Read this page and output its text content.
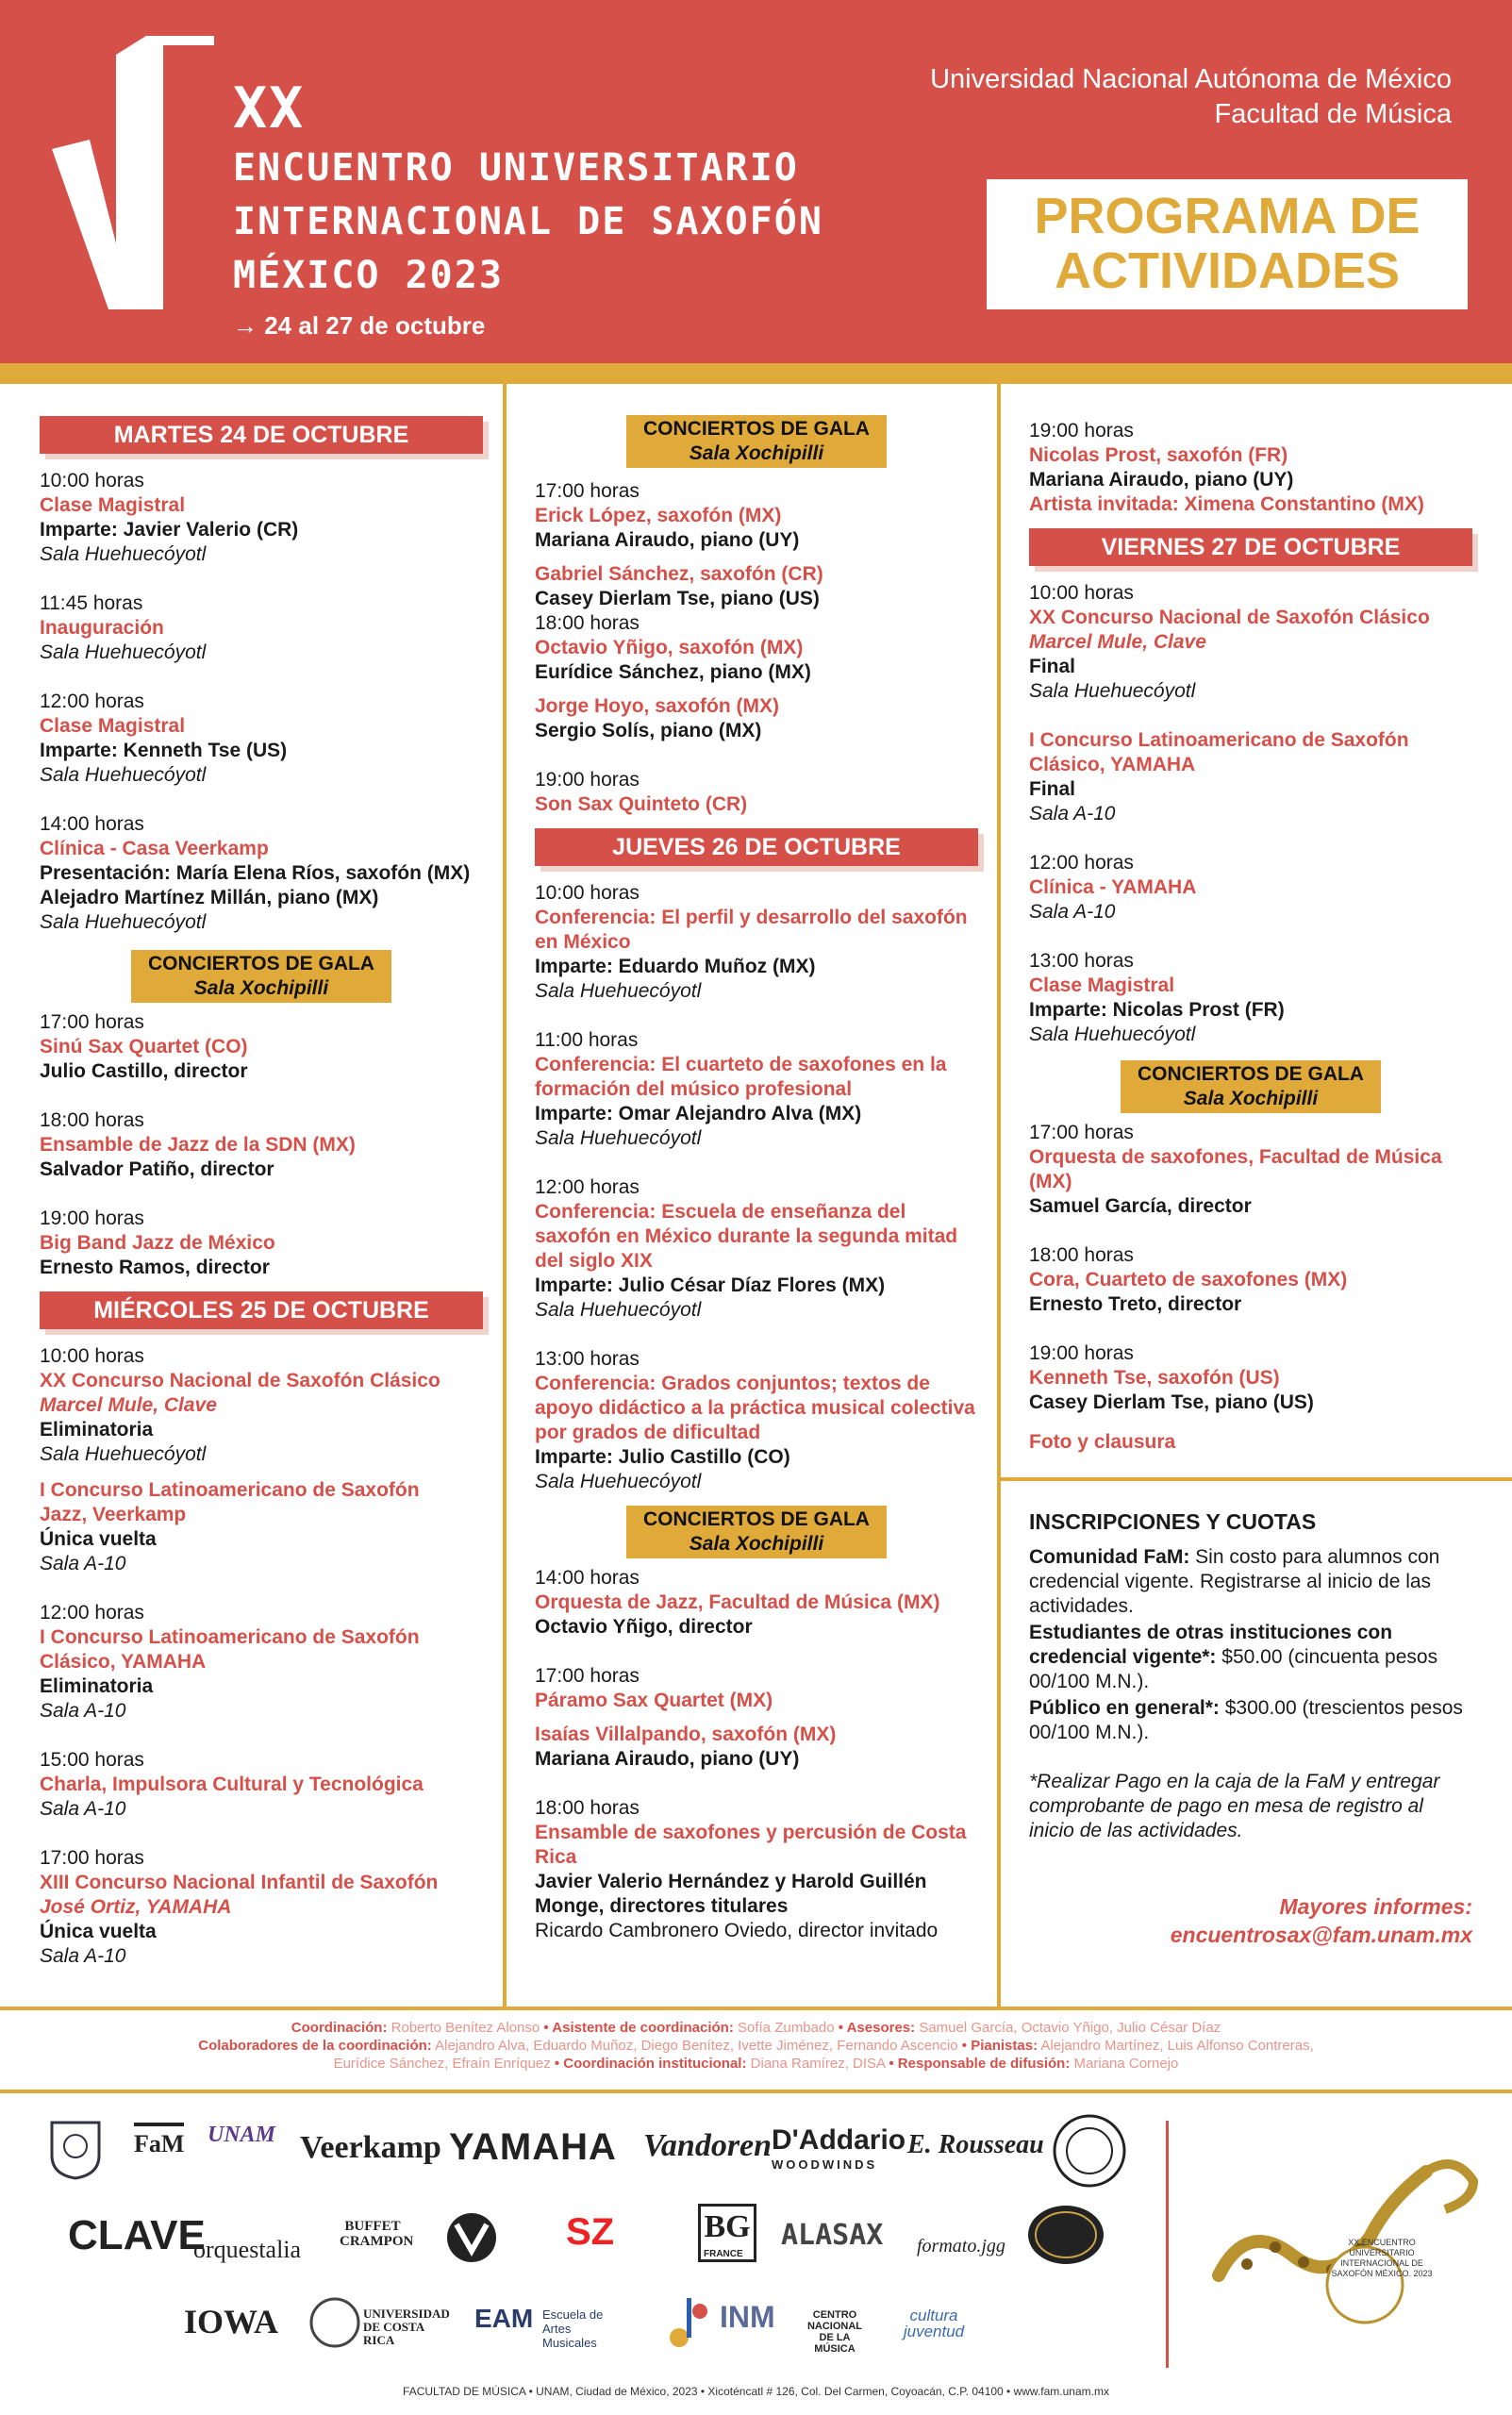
XX
ENCUENTRO UNIVERSITARIO
INTERNACIONAL DE SAXOFÓN
MÉXICO 2023
→ 24 al 27 de octubre
Universidad Nacional Autónoma de México
Facultad de Música
PROGRAMA DE ACTIVIDADES
MARTES 24 DE OCTUBRE
10:00 horas
Clase Magistral
Imparte: Javier Valerio (CR)
Sala Huehuecóyotl
11:45 horas
Inauguración
Sala Huehuecóyotl
12:00 horas
Clase Magistral
Imparte: Kenneth Tse (US)
Sala Huehuecóyotl
14:00 horas
Clínica - Casa Veerkamp
Presentación: María Elena Ríos, saxofón (MX)
Alejadro Martínez Millán, piano (MX)
Sala Huehuecóyotl
CONCIERTOS DE GALA
Sala Xochipilli
17:00 horas
Sinú Sax Quartet (CO)
Julio Castillo, director
18:00 horas
Ensamble de Jazz de la SDN (MX)
Salvador Patiño, director
19:00 horas
Big Band Jazz de México
Ernesto Ramos, director
MIÉRCOLES 25 DE OCTUBRE
10:00 horas
XX Concurso Nacional de Saxofón Clásico
Marcel Mule, Clave
Eliminatoria
Sala Huehuecóyotl
I Concurso Latinoamericano de Saxofón
Jazz, Veerkamp
Única vuelta
Sala A-10
12:00 horas
I Concurso Latinoamericano de Saxofón
Clásico, YAMAHA
Eliminatoria
Sala A-10
15:00 horas
Charla, Impulsora Cultural y Tecnológica
Sala A-10
17:00 horas
XIII Concurso Nacional Infantil de Saxofón
José Ortiz, YAMAHA
Única vuelta
Sala A-10
CONCIERTOS DE GALA
Sala Xochipilli
17:00 horas
Erick López, saxofón (MX)
Mariana Airaudo, piano (UY)
Gabriel Sánchez, saxofón (CR)
Casey Dierlam Tse, piano (US)
18:00 horas
Octavio Yñigo, saxofón (MX)
Eurídice Sánchez, piano (MX)
Jorge Hoyo, saxofón (MX)
Sergio Solís, piano (MX)
19:00 horas
Son Sax Quinteto (CR)
JUEVES 26 DE OCTUBRE
10:00 horas
Conferencia: El perfil y desarrollo del saxofón en México
Imparte: Eduardo Muñoz (MX)
Sala Huehuecóyotl
11:00 horas
Conferencia: El cuarteto de saxofones en la formación del músico profesional
Imparte: Omar Alejandro Alva (MX)
Sala Huehuecóyotl
12:00 horas
Conferencia: Escuela de enseñanza del saxofón en México durante la segunda mitad del siglo XIX
Imparte: Julio César Díaz Flores (MX)
Sala Huehuecóyotl
13:00 horas
Conferencia: Grados conjuntos; textos de apoyo didáctico a la práctica musical colectiva por grados de dificultad
Imparte: Julio Castillo (CO)
Sala Huehuecóyotl
CONCIERTOS DE GALA
Sala Xochipilli
14:00 horas
Orquesta de Jazz, Facultad de Música (MX)
Octavio Yñigo, director
17:00 horas
Páramo Sax Quartet (MX)
Isaías Villalpando, saxofón (MX)
Mariana Airaudo, piano (UY)
18:00 horas
Ensamble de saxofones y percusión de Costa Rica
Javier Valerio Hernández y Harold Guillén Monge, directores titulares
Ricardo Cambronero Oviedo, director invitado
19:00 horas
Nicolas Prost, saxofón (FR)
Mariana Airaudo, piano (UY)
Artista invitada: Ximena Constantino (MX)
VIERNES 27 DE OCTUBRE
10:00 horas
XX Concurso Nacional de Saxofón Clásico
Marcel Mule, Clave
Final
Sala Huehuecóyotl
I Concurso Latinoamericano de Saxofón Clásico, YAMAHA
Final
Sala A-10
12:00 horas
Clínica - YAMAHA
Sala A-10
13:00 horas
Clase Magistral
Imparte: Nicolas Prost (FR)
Sala Huehuecóyotl
CONCIERTOS DE GALA
Sala Xochipilli
17:00 horas
Orquesta de saxofones, Facultad de Música (MX)
Samuel García, director
18:00 horas
Cora, Cuarteto de saxofones (MX)
Ernesto Treto, director
19:00 horas
Kenneth Tse, saxofón (US)
Casey Dierlam Tse, piano (US)
Foto y clausura
INSCRIPCIONES Y CUOTAS
Comunidad FaM: Sin costo para alumnos con credencial vigente. Registrarse al inicio de las actividades.
Estudiantes de otras instituciones con credencial vigente*: $50.00 (cincuenta pesos 00/100 M.N.).
Público en general*: $300.00 (trescientos pesos 00/100 M.N.).
*Realizar Pago en la caja de la FaM y entregar comprobante de pago en mesa de registro al inicio de las actividades.
Mayores informes:
encuentrosax@fam.unam.mx
Coordinación: Roberto Benítez Alonso • Asistente de coordinación: Sofía Zumbado • Asesores: Samuel García, Octavio Yñigo, Julio César Díaz
Colaboradores de la coordinación: Alejandro Alva, Eduardo Muñoz, Diego Benítez, Ivette Jiménez, Fernando Ascencio • Pianistas: Alejandro Martínez, Luis Alfonso Contreras,
Eurídice Sánchez, Efraín Enríquez • Coordinación institucional: Diana Ramírez, DISA • Responsable de difusión: Mariana Cornejo
FaM UNAM Veerkamp YAMAHA Vandoren D'Addario
WOODWINDS
E. Rousseau
CLAVE
orquestalia
BUFFET CRAMPON	SZ	BG
FRANCE
ALASAX formato.jgg
IOWA	UNIVERSIDAD DE COSTA RICA
EAM Escuela de Artes Musicales
INM	CENTRO NACIONAL DE LA MÚSICA
cultura juventud
XX ENCUENTRO UNIVERSITARIO INTERNACIONAL DE SAXOFÓN MÉXICO. 2023
FACULTAD DE MÚSICA • UNAM, Ciudad de México, 2023 • Xicoténcatl # 126, Col. Del Carmen, Coyoacán, C.P. 04100 • www.fam.unam.mx
